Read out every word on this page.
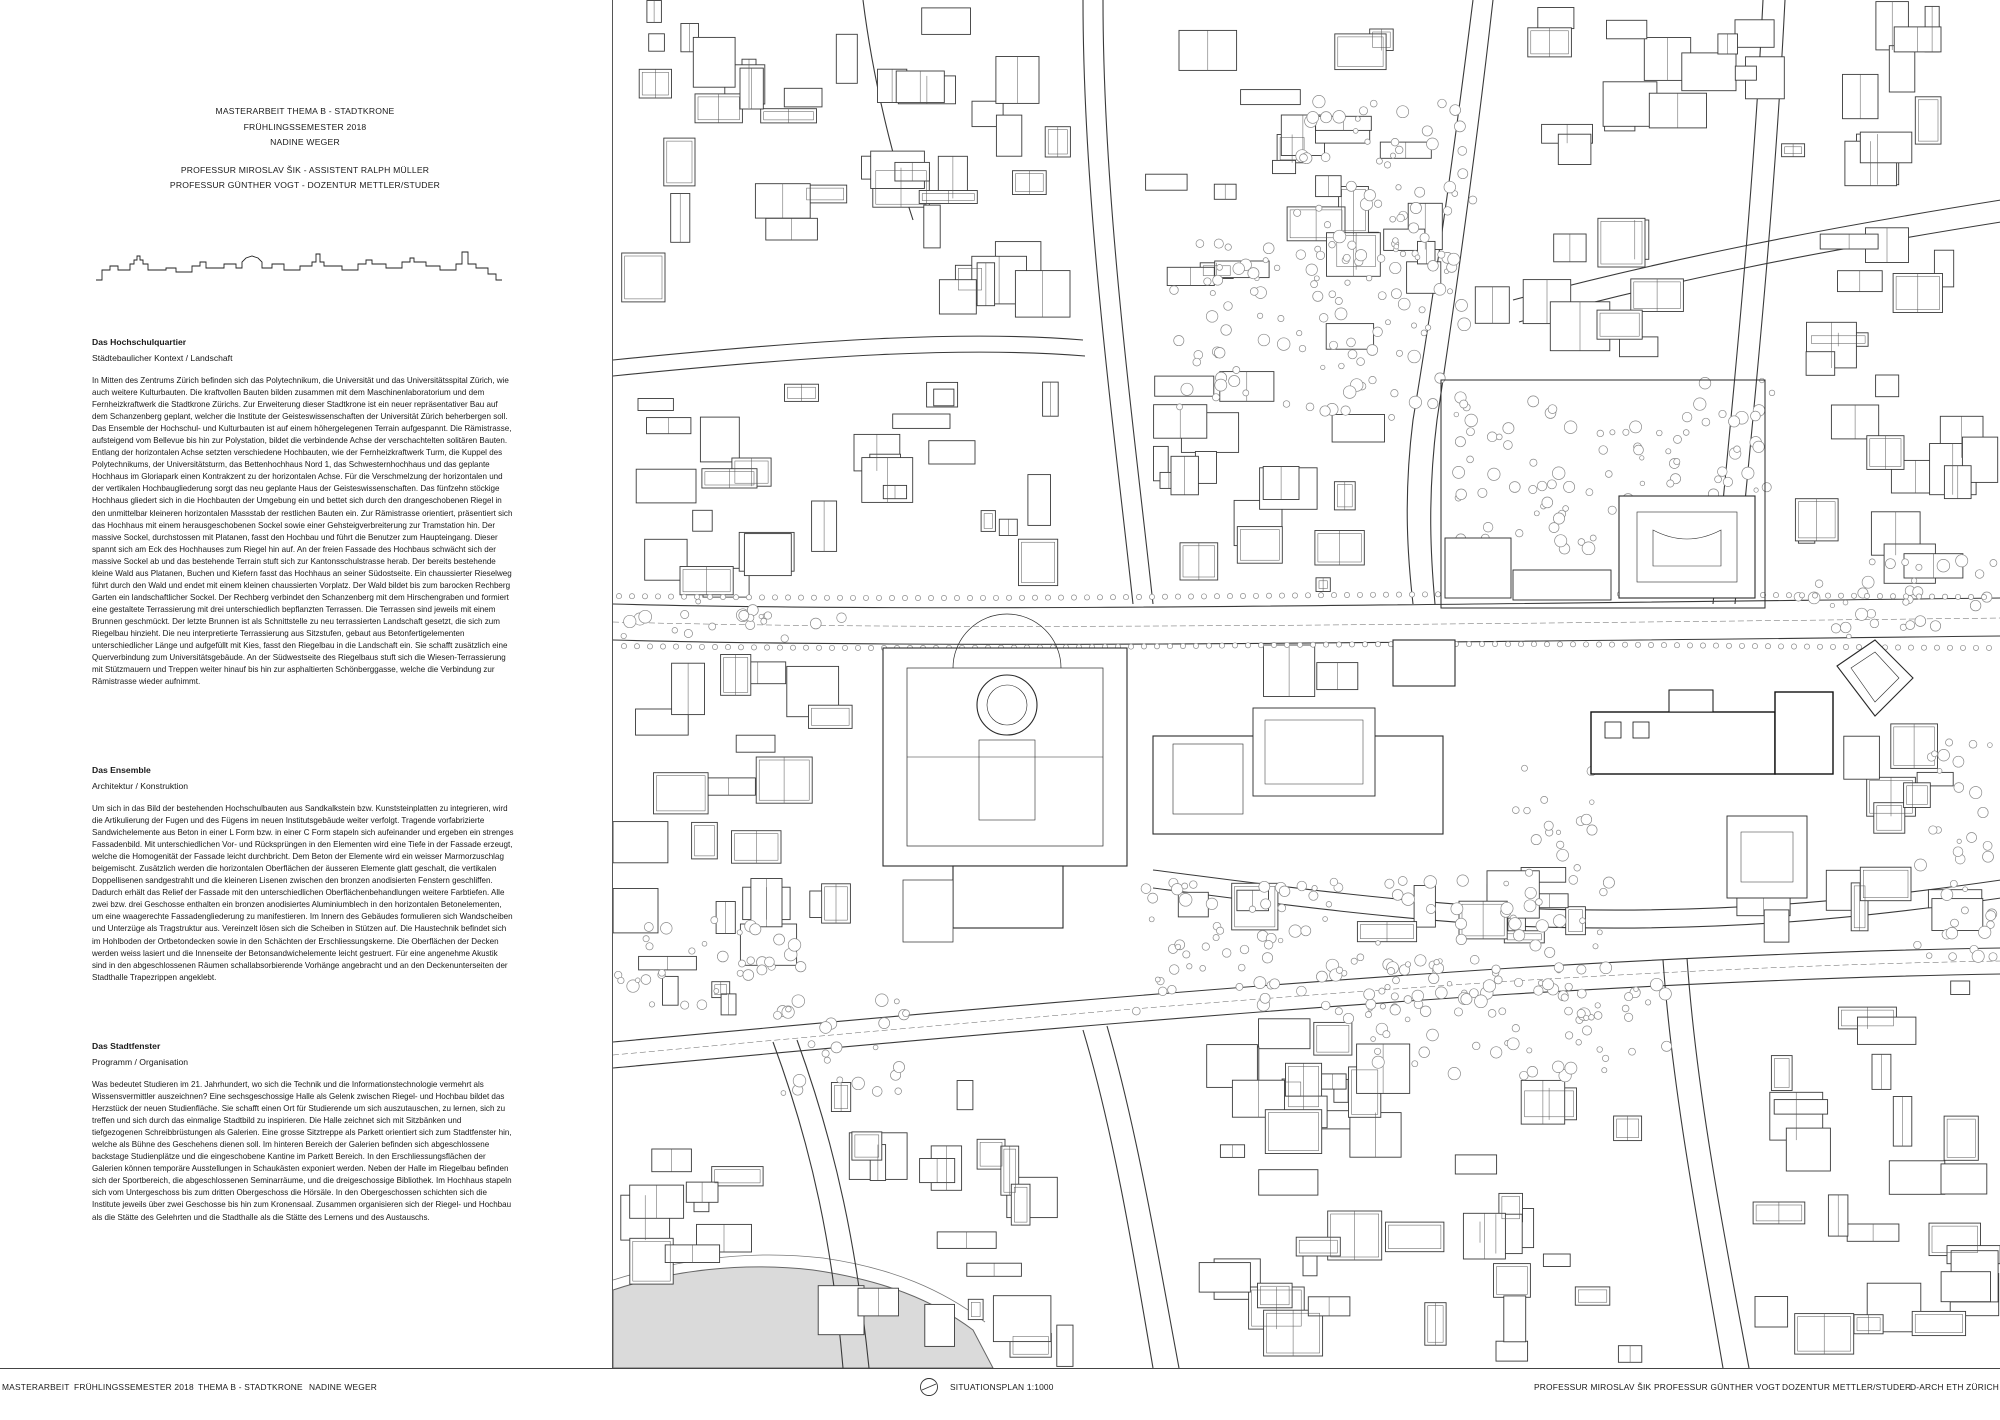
MASTERARBEIT THEMA B - STADTKRONE
FRÜHLINGSSEMESTER 2018
NADINE WEGER
PROFESSUR MIROSLAV ŠIK - ASSISTENT RALPH MÜLLER
PROFESSUR GÜNTHER VOGT - DOZENTUR METTLER/STUDER

Das Hochschulquartier

Städtebaulicher Kontext / Landschaft

In Mitten des Zentrums Zürich befinden sich das Polytechnikum, die Universität und das Universitätsspital Zürich, wie auch weitere Kulturbauten. Die kraftvollen Bauten bilden zusammen mit dem Maschinenlaboratorium und dem Fernheizkraftwerk die Stadtkrone Zürichs. Zur Erweiterung dieser Stadtkrone ist ein neuer repräsentativer Bau auf dem Schanzenberg geplant, welcher die Institute der Geisteswissenschaften der Universität Zürich beherbergen soll. Das Ensemble der Hochschul- und Kulturbauten ist auf einem höhergelegenen Terrain aufgespannt. Die Rämistrasse, aufsteigend vom Bellevue bis hin zur Polystation, bildet die verbindende Achse der verschachtelten solitären Bauten. Entlang der horizontalen Achse setzten verschiedene Hochbauten, wie der Fernheizkraftwerk Turm, die Kuppel des Polytechnikums, der Universitätsturm, das Bettenhochhaus Nord 1, das Schwesternhochhaus und das geplante Hochhaus im Gloriapark einen Kontrakzent zu der horizontalen Achse. Für die Verschmelzung der horizontalen und der vertikalen Hochbaugliederung sorgt das neu geplante Haus der Geisteswissenschaften. Das fünfzehn stöckige Hochhaus gliedert sich in die Hochbauten der Umgebung ein und bettet sich durch den drangeschobenen Riegel in den unmittelbar kleineren horizontalen Massstab der restlichen Bauten ein. Zur Rämistrasse orientiert, präsentiert sich das Hochhaus mit einem herausgeschobenen Sockel sowie einer Gehsteigverbreiterung zur Tramstation hin. Der massive Sockel, durchstossen mit Platanen, fasst den Hochbau und führt die Benutzer zum Haupteingang. Dieser spannt sich am Eck des Hochhauses zum Riegel hin auf. An der freien Fassade des Hochbaus schwächt sich der massive Sockel ab und das bestehende Terrain stuft sich zur Kantonsschulstrasse herab. Der bereits bestehende kleine Wald aus Platanen, Buchen und Kiefern fasst das Hochhaus an seiner Südostseite. Ein chaussierter Rieselweg führt durch den Wald und endet mit einem kleinen chaussierten Vorplatz. Der Wald bildet bis zum barocken Rechberg Garten ein landschaftlicher Sockel. Der Rechberg verbindet den Schanzenberg mit dem Hirschengraben und formiert eine gestaltete Terrassierung mit drei unterschiedlich bepflanzten Terrassen. Die Terrassen sind jeweils mit einem Brunnen geschmückt. Der letzte Brunnen ist als Schnittstelle zu neu terrassierten Landschaft gesetzt, die sich zum Riegelbau hinzieht. Die neu interpretierte Terrassierung aus Sitzstufen, gebaut aus Betonfertigelementen unterschiedlicher Länge und aufgefüllt mit Kies, fasst den Riegelbau in die Landschaft ein. Sie schafft zusätzlich eine Querverbindung zum Universitätsgebäude. An der Südwestseite des Riegelbaus stuft sich die Wiesen-Terrassierung mit Stützmauern und Treppen weiter hinauf bis hin zur asphaltierten Schönberggasse, welche die Verbindung zur Rämistrasse wieder aufnimmt.

Das Ensemble

Architektur / Konstruktion

Um sich in das Bild der bestehenden Hochschulbauten aus Sandkalkstein bzw. Kunststeinplatten zu integrieren, wird die Artikulierung der Fugen und des Fügens im neuen Institutsgebäude weiter verfolgt. Tragende vorfabrizierte Sandwichelemente aus Beton in einer L Form bzw. in einer C Form stapeln sich aufeinander und ergeben ein strenges Fassadenbild. Mit unterschiedlichen Vor- und Rücksprüngen in den Elementen wird eine Tiefe in der Fassade erzeugt, welche die Homogenität der Fassade leicht durchbricht. Dem Beton der Elemente wird ein weisser Marmorzuschlag beigemischt. Zusätzlich werden die horizontalen Oberflächen der äusseren Elemente glatt geschalt, die vertikalen Doppellisenen sandgestrahlt und die kleineren Lisenen zwischen den bronzen anodisierten Fenstern geschliffen. Dadurch erhält das Relief der Fassade mit den unterschiedlichen Oberflächenbehandlungen weitere Farbtiefen. Alle zwei bzw. drei Geschosse enthalten ein bronzen anodisiertes Aluminiumblech in den horizontalen Betonelementen, um eine waagerechte Fassadengliederung zu manifestieren. Im Innern des Gebäudes formulieren sich Wandscheiben und Unterzüge als Tragstruktur aus. Vereinzelt lösen sich die Scheiben in Stützen auf. Die Haustechnik befindet sich im Hohlboden der Ortbetondecken sowie in den Schächten der Erschliessungskerne. Die Oberflächen der Decken werden weiss lasiert und die Innenseite der Betonsandwichelemente leicht gestruert. Für eine angenehme Akustik sind in den abgeschlossenen Räumen schallabsorbierende Vorhänge angebracht und an den Deckenunterseiten der Stadthalle Trapezrippen angeklebt.

Das Stadtfenster

Programm / Organisation

Was bedeutet Studieren im 21. Jahrhundert, wo sich die Technik und die Informationstechnologie vermehrt als Wissensvermittler auszeichnen? Eine sechsgeschossige Halle als Gelenk zwischen Riegel- und Hochbau bildet das Herzstück der neuen Studienfläche. Sie schafft einen Ort für Studierende um sich auszutauschen, zu lernen, sich zu treffen und sich durch das einmalige Stadtbild zu inspirieren. Die Halle zeichnet sich mit Sitzbänken und tiefgezogenen Schreibbrüstungen als Galerien. Eine grosse Sitztreppe als Parkett orientiert sich zum Stadtfenster hin, welche als Bühne des Geschehens dienen soll. Im hinteren Bereich der Galerien befinden sich abgeschlossene backstage Studienplätze und die eingeschobene Kantine im Parkett Bereich. In den Erschliessungsflächen der Galerien können temporäre Ausstellungen in Schaukästen exponiert werden. Neben der Halle im Riegelbau befinden sich der Sportbereich, die abgeschlossenen Seminarräume, und die dreigeschossige Bibliothek. Im Hochhaus stapeln sich vom Untergeschoss bis zum dritten Obergeschoss die Hörsäle. In den Obergeschossen schichten sich die Institute jeweils über zwei Geschosse bis hin zum Kronensaal. Zusammen organisieren sich der Riegel- und Hochbau als die Stätte des Gelehrten und die Stadthalle als die Stätte des Lernens und des Austauschs.

MASTERARBEIT FRÜHLINGSSEMESTER 2018 THEMA B - STADTKRONE NADINE WEGER	SITUATIONSPLAN 1:1000	PROFESSUR MIROSLAV ŠIK PROFESSUR GÜNTHER VOGT DOZENTUR METTLER/STUDER
D-ARCH ETH ZÜRICH
